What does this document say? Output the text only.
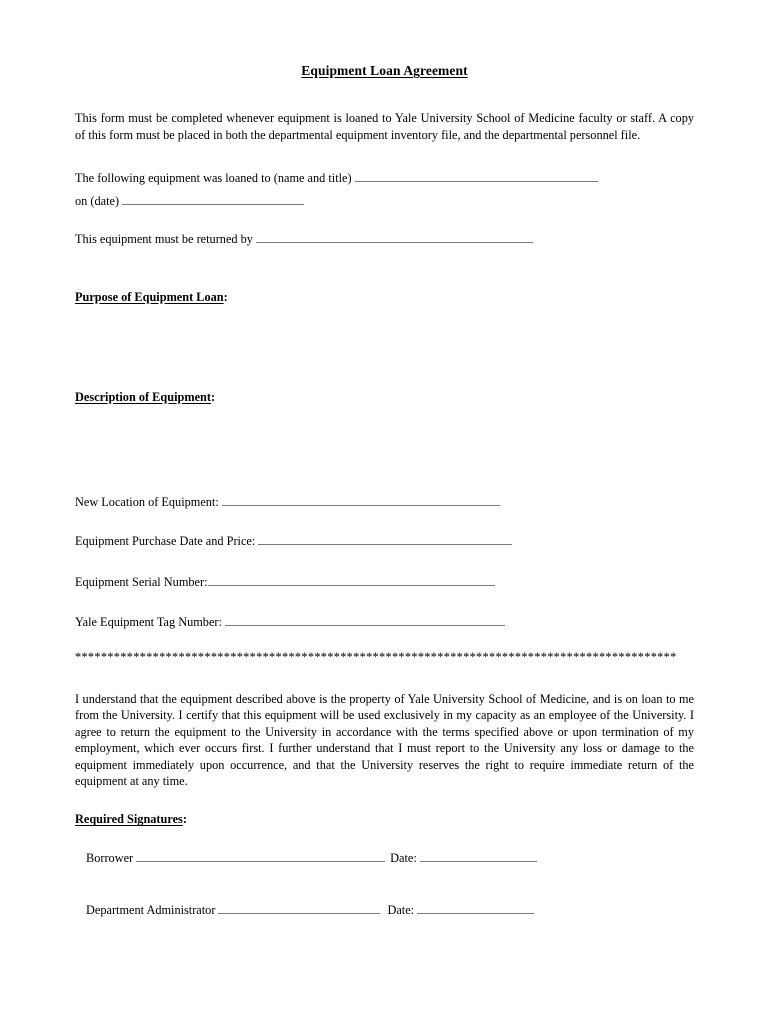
Equipment Loan Agreement

This form must be completed whenever equipment is loaned to Yale University School of Medicine faculty or staff. A copy of this form must be placed in both the departmental equipment inventory file, and the departmental personnel file.

The following equipment was loaned to (name and title)
on (date)
This equipment must be returned by
Purpose of Equipment Loan:
Description of Equipment:
New Location of Equipment:
Equipment Purchase Date and Price:
Equipment Serial Number:
Yale Equipment Tag Number:
*********************************************************************************************

I understand that the equipment described above is the property of Yale University School of Medicine, and is on loan to me from the University. I certify that this equipment will be used exclusively in my capacity as an employee of the University. I agree to return the equipment to the University in accordance with the terms specified above or upon termination of my employment, which ever occurs first. I further understand that I must report to the University any loss or damage to the equipment immediately upon occurrence, and that the University reserves the right to require immediate return of the equipment at any time.

Required Signatures:
Borrower	Date:
Department Administrator	Date:
